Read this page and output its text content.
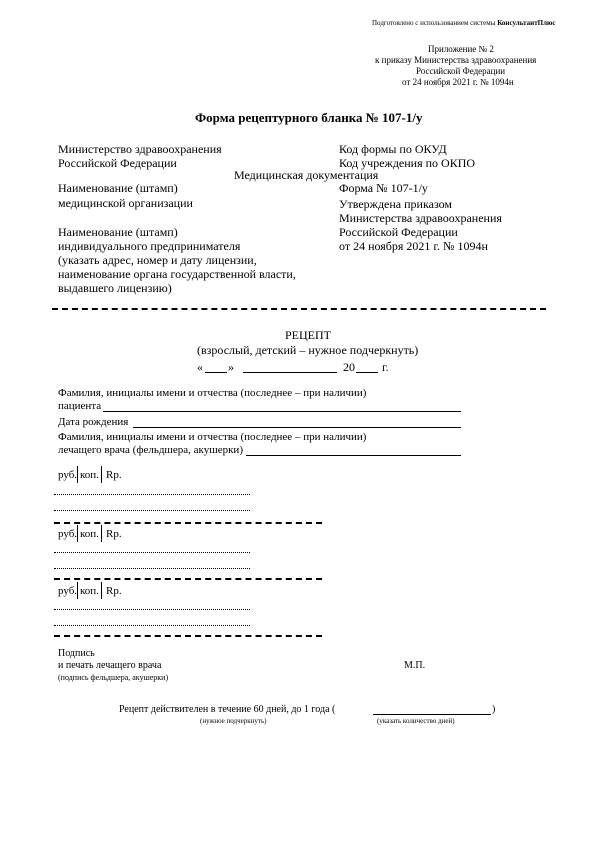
Подготовлено с использованием системы КонсультантПлюс
Приложение № 2
к приказу Министерства здравоохранения
Российской Федерации
от 24 ноября 2021 г. № 1094н
Форма рецептурного бланка № 107-1/у
Министерство здравоохранения
Российской Федерации
Наименование (штамп)
медицинской организации
Наименование (штамп)
индивидуального предпринимателя
(указать адрес, номер и дату лицензии,
наименование органа государственной власти,
выдавшего лицензию)
Код формы по ОКУД
Код учреждения по ОКПО
Медицинская документация
Форма № 107-1/у
Утверждена приказом
Министерства здравоохранения
Российской Федерации
от 24 ноября 2021 г. № 1094н
РЕЦЕПТ
(взрослый, детский – нужное подчеркнуть)
« »	20 г.
Фамилия, инициалы имени и отчества (последнее – при наличии)
пациента
Дата рождения
Фамилия, инициалы имени и отчества (последнее – при наличии)
лечащего врача (фельдшера, акушерки)
руб. коп. Rp.
руб. коп. Rp.
руб. коп. Rp.
Подпись
и печать лечащего врача
(подпись фельдшера, акушерки)
М.П.
Рецепт действителен в течение 60 дней, до 1 года (	)
(нужное подчеркнуть)	(указать количество дней)
